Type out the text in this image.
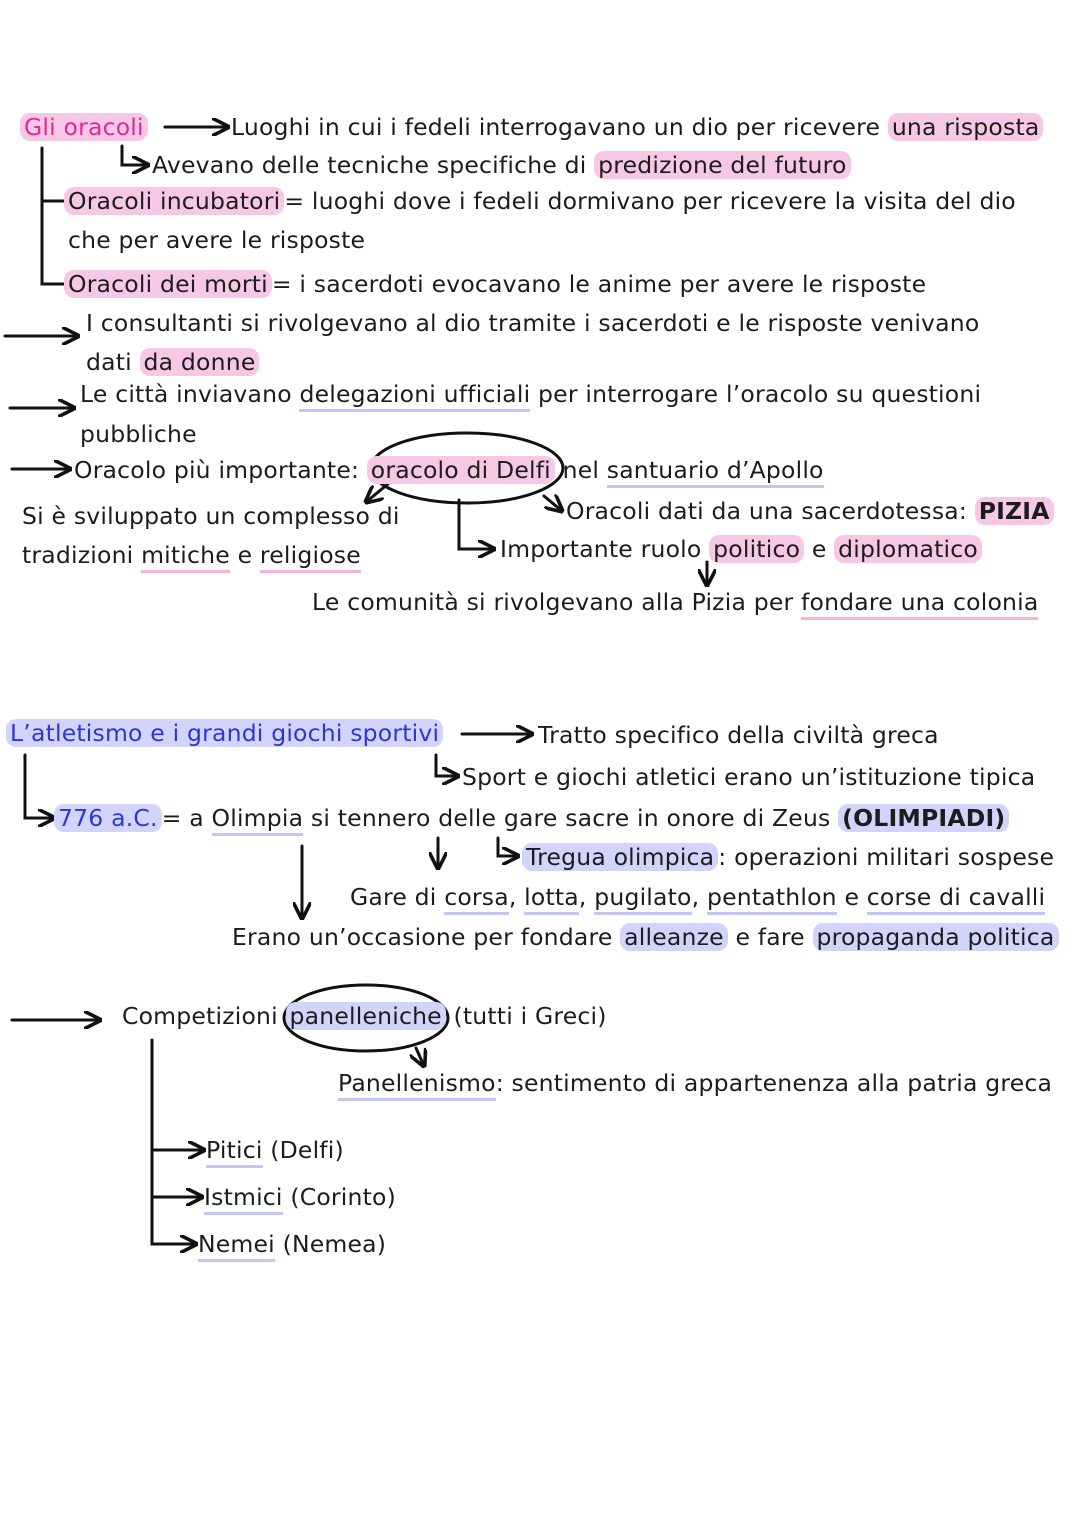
Gli oracoli	Luoghi in cui i fedeli interrogavano un dio per ricevere una risposta
Avevano delle tecniche specifiche di predizione del futuro
Oracoli incubatori = luoghi dove i fedeli dormivano per ricevere la visita del dio
che per avere le risposte
Oracoli dei morti = i sacerdoti evocavano le anime per avere le risposte
I consultanti si rivolgevano al dio tramite i sacerdoti e le risposte venivano
dati da donne
Le città inviavano delegazioni ufficiali per interrogare l’oracolo su questioni
pubbliche
Oracolo più importante: oracolo di Delfi nel santuario d’Apollo
Si è sviluppato un complesso di
tradizioni mitiche e religiose
Oracoli dati da una sacerdotessa: PIZIA
Importante ruolo politico e diplomatico
Le comunità si rivolgevano alla Pizia per fondare una colonia
L’atletismo e i grandi giochi sportivi	Tratto specifico della civiltà greca
Sport e giochi atletici erano un’istituzione tipica
776 a.C. = a Olimpia si tennero delle gare sacre in onore di Zeus (OLIMPIADI)
Tregua olimpica : operazioni militari sospese
Gare di corsa, lotta, pugilato, pentathlon e corse di cavalli
Erano un’occasione per fondare alleanze e fare propaganda politica
Competizioni panelleniche (tutti i Greci)
Panellenismo: sentimento di appartenenza alla patria greca
Pitici (Delfi)
Istmici (Corinto)
Nemei (Nemea)
